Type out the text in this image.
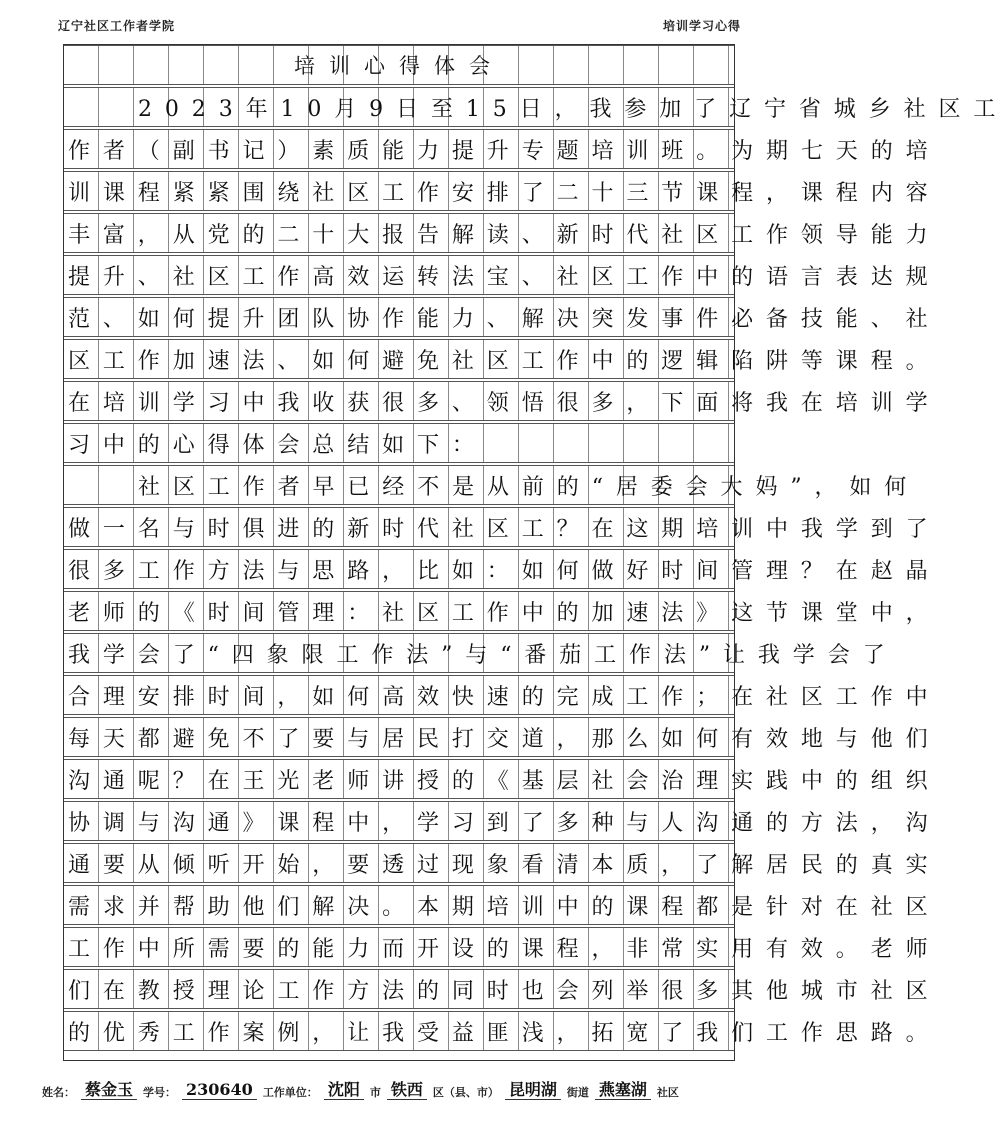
辽宁社区工作者学院	培训学习心得
培训心得体会
2023年10月9日至15日，我参加了辽宁省城乡社区工
作者（副书记）素质能力提升专题培训班。为期七天的培
训课程紧紧围绕社区工作安排了二十三节课程，课程内容
丰富，从党的二十大报告解读、新时代社区工作领导能力
提升、社区工作高效运转法宝、社区工作中的语言表达规
范、如何提升团队协作能力、解决突发事件必备技能、社
区工作加速法、如何避免社区工作中的逻辑陷阱等课程。
在培训学习中我收获很多、领悟很多，下面将我在培训学
习中的心得体会总结如下：
社区工作者早已经不是从前的“居委会大妈”，如何
做一名与时俱进的新时代社区工？在这期培训中我学到了
很多工作方法与思路，比如：如何做好时间管理？在赵晶
老师的《时间管理：社区工作中的加速法》这节课堂中，
我学会了“四象限工作法”与“番茄工作法”让我学会了
合理安排时间，如何高效快速的完成工作；在社区工作中
每天都避免不了要与居民打交道，那么如何有效地与他们
沟通呢？在王光老师讲授的《基层社会治理实践中的组织
协调与沟通》课程中，学习到了多种与人沟通的方法，沟
通要从倾听开始，要透过现象看清本质，了解居民的真实
需求并帮助他们解决。本期培训中的课程都是针对在社区
工作中所需要的能力而开设的课程，非常实用有效。老师
们在教授理论工作方法的同时也会列举很多其他城市社区
的优秀工作案例，让我受益匪浅，拓宽了我们工作思路。
姓名： 蔡金玉 学号： 230640 工作单位： 沈阳 市 铁西 区（县、市） 昆明湖 街道 燕塞湖 社区
